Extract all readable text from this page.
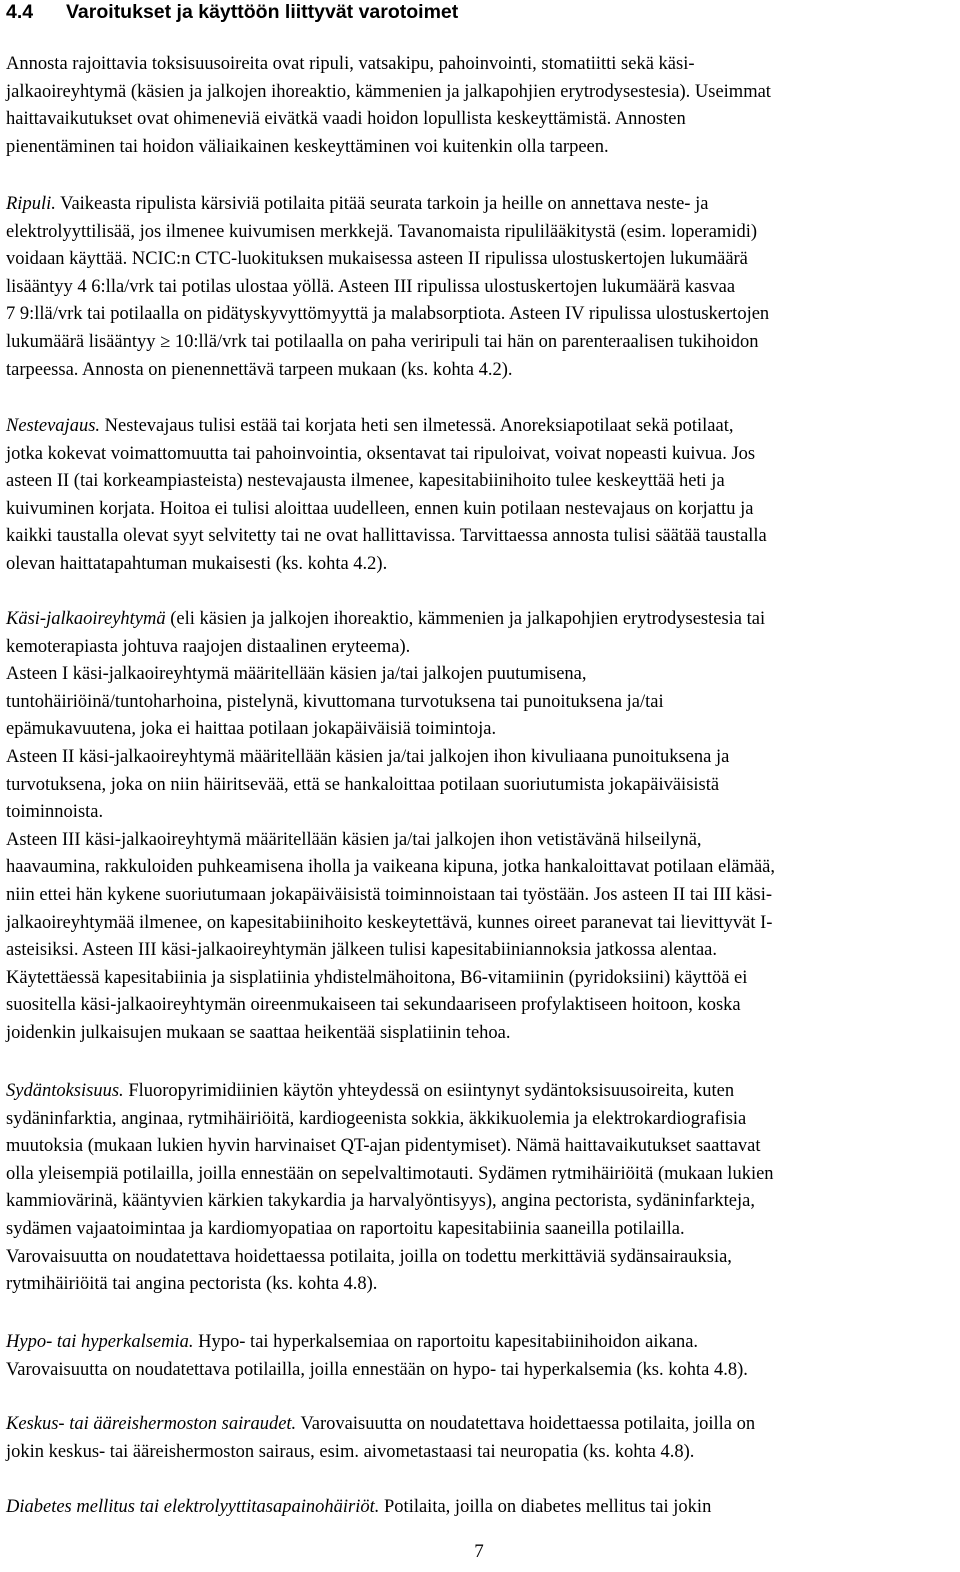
4.4 Varoitukset ja käyttöön liittyvät varotoimet
Annosta rajoittavia toksisuusoireita ovat ripuli, vatsakipu, pahoinvointi, stomatiitti sekä käsi-
jalkaoireyhtymä (käsien ja jalkojen ihoreaktio, kämmenien ja jalkapohjien erytrodysestesia). Useimmat
haittavaikutukset ovat ohimeneviä eivätkä vaadi hoidon lopullista keskeyttämistä. Annosten
pienentäminen tai hoidon väliaikainen keskeyttäminen voi kuitenkin olla tarpeen.
Ripuli. Vaikeasta ripulista kärsiviä potilaita pitää seurata tarkoin ja heille on annettava neste- ja
elektrolyyttilisää, jos ilmenee kuivumisen merkkejä. Tavanomaista ripulilääkitystä (esim. loperamidi)
voidaan käyttää. NCIC:n CTC-luokituksen mukaisessa asteen II ripulissa ulostuskertojen lukumäärä
lisääntyy 4 6:lla/vrk tai potilas ulostaa yöllä. Asteen III ripulissa ulostuskertojen lukumäärä kasvaa
7 9:llä/vrk tai potilaalla on pidätyskyvyttömyyttä ja malabsorptiota. Asteen IV ripulissa ulostuskertojen
lukumäärä lisääntyy ≥ 10:llä/vrk tai potilaalla on paha veriripuli tai hän on parenteraalisen tukihoidon
tarpeessa. Annosta on pienennettävä tarpeen mukaan (ks. kohta 4.2).
Nestevajaus. Nestevajaus tulisi estää tai korjata heti sen ilmetessä. Anoreksiapotilaat sekä potilaat,
jotka kokevat voimattomuutta tai pahoinvointia, oksentavat tai ripuloivat, voivat nopeasti kuivua. Jos
asteen II (tai korkeampiasteista) nestevajausta ilmenee, kapesitabiinihoito tulee keskeyttää heti ja
kuivuminen korjata. Hoitoa ei tulisi aloittaa uudelleen, ennen kuin potilaan nestevajaus on korjattu ja
kaikki taustalla olevat syyt selvitetty tai ne ovat hallittavissa. Tarvittaessa annosta tulisi säätää taustalla
olevan haittatapahtuman mukaisesti (ks. kohta 4.2).
Käsi-jalkaoireyhtymä (eli käsien ja jalkojen ihoreaktio, kämmenien ja jalkapohjien erytrodysestesia tai
kemoterapiasta johtuva raajojen distaalinen eryteema).
Asteen I käsi-jalkaoireyhtymä määritellään käsien ja/tai jalkojen puutumisena,
tuntohäiriöinä/tuntoharhoina, pistelynä, kivuttomana turvotuksena tai punoituksena ja/tai
epämukavuutena, joka ei haittaa potilaan jokapäiväisiä toimintoja.
Asteen II käsi-jalkaoireyhtymä määritellään käsien ja/tai jalkojen ihon kivuliaana punoituksena ja
turvotuksena, joka on niin häiritsevää, että se hankaloittaa potilaan suoriutumista jokapäiväisistä
toiminnoista.
Asteen III käsi-jalkaoireyhtymä määritellään käsien ja/tai jalkojen ihon vetistävänä hilseilynä,
haavaumina, rakkuloiden puhkeamisena iholla ja vaikeana kipuna, jotka hankaloittavat potilaan elämää,
niin ettei hän kykene suoriutumaan jokapäiväisistä toiminnoistaan tai työstään. Jos asteen II tai III käsi-
jalkaoireyhtymää ilmenee, on kapesitabiinihoito keskeytettävä, kunnes oireet paranevat tai lievittyvät I-
asteisiksi. Asteen III käsi-jalkaoireyhtymän jälkeen tulisi kapesitabiiniannoksia jatkossa alentaa.
Käytettäessä kapesitabiinia ja sisplatiinia yhdistelmähoitona, B6-vitamiinin (pyridoksiini) käyttöä ei
suositella käsi-jalkaoireyhtymän oireenmukaiseen tai sekundaariseen profylaktiseen hoitoon, koska
joidenkin julkaisujen mukaan se saattaa heikentää sisplatiinin tehoa.
Sydäntoksisuus. Fluoropyrimidiinien käytön yhteydessä on esiintynyt sydäntoksisuusoireita, kuten
sydäninfarktia, anginaa, rytmihäiriöitä, kardiogeenista sokkia, äkkikuolemia ja elektrokardiografisia
muutoksia (mukaan lukien hyvin harvinaiset QT-ajan pidentymiset). Nämä haittavaikutukset saattavat
olla yleisempiä potilailla, joilla ennestään on sepelvaltimotauti. Sydämen rytmihäiriöitä (mukaan lukien
kammiovärinä, kääntyvien kärkien takykardia ja harvalyöntisyys), angina pectorista, sydäninfarkteja,
sydämen vajaatoimintaa ja kardiomyopatiaa on raportoitu kapesitabiinia saaneilla potilailla.
Varovaisuutta on noudatettava hoidettaessa potilaita, joilla on todettu merkittäviä sydänsairauksia,
rytmihäiriöitä tai angina pectorista (ks. kohta 4.8).
Hypo- tai hyperkalsemia. Hypo- tai hyperkalsemiaa on raportoitu kapesitabiinihoidon aikana.
Varovaisuutta on noudatettava potilailla, joilla ennestään on hypo- tai hyperkalsemia (ks. kohta 4.8).
Keskus- tai ääreishermoston sairaudet. Varovaisuutta on noudatettava hoidettaessa potilaita, joilla on
jokin keskus- tai ääreishermoston sairaus, esim. aivometastaasi tai neuropatia (ks. kohta 4.8).
Diabetes mellitus tai elektrolyyttitasapainohäiriöt. Potilaita, joilla on diabetes mellitus tai jokin
7
